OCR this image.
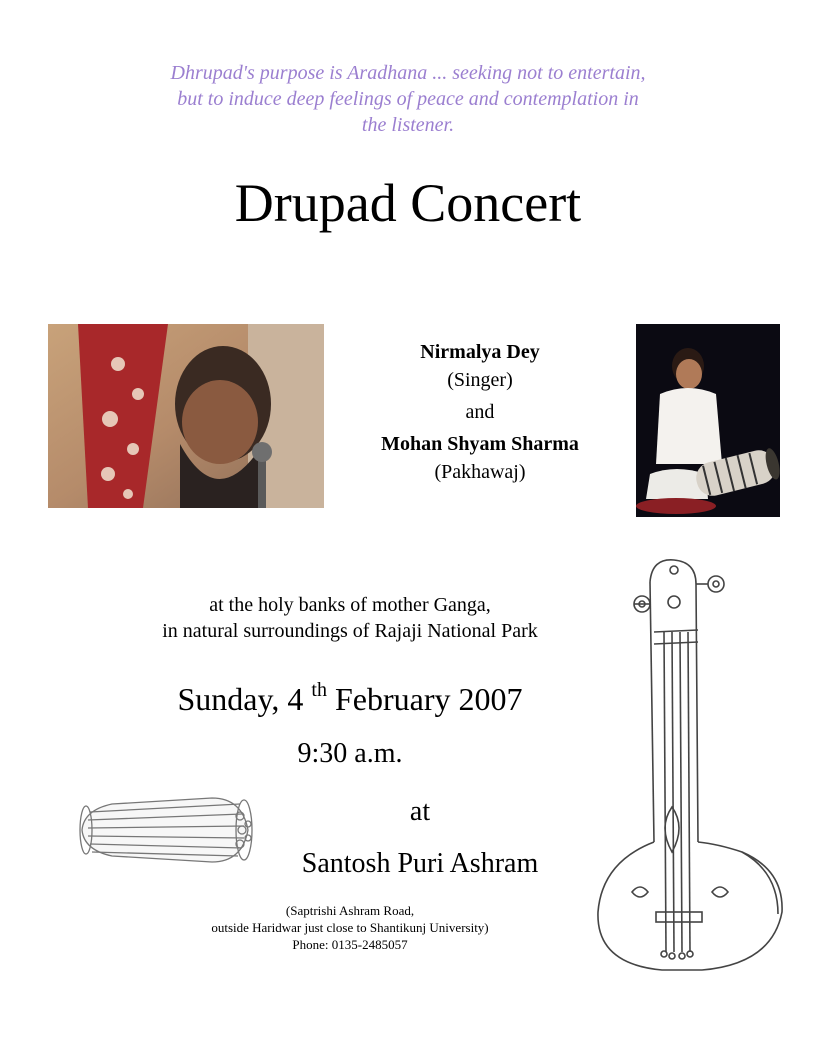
Dhrupad's purpose is Aradhana ... seeking not to entertain,
but to induce deep feelings of peace and contemplation in
the listener.
Drupad Concert
Nirmalya Dey
(Singer)
and
Mohan Shyam Sharma
(Pakhawaj)
at the holy banks of mother Ganga,
in natural surroundings of Rajaji National Park
Sunday, 4 $^{th}$ February 2007
9:30 a.m.
at
Santosh Puri Ashram
(Saptrishi Ashram Road,
outside Haridwar just close to Shantikunj University)
Phone: 0135-2485057
